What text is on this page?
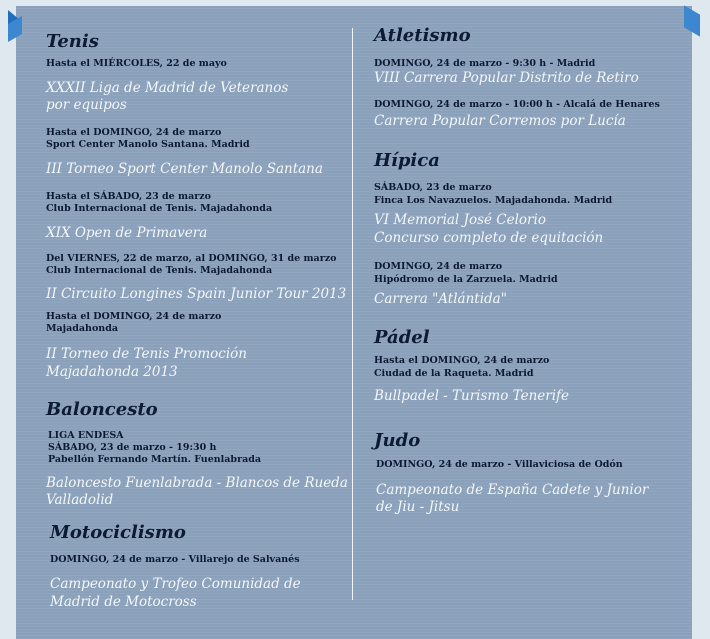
Tenis
Hasta el MIÉRCOLES, 22 de mayo
XXXII Liga de Madrid de Veteranos
por equipos
Hasta el DOMINGO, 24 de marzo
Sport Center Manolo Santana. Madrid
III Torneo Sport Center Manolo Santana
Hasta el SÁBADO, 23 de marzo
Club Internacional de Tenis. Majadahonda
XIX Open de Primavera
Del VIERNES, 22 de marzo, al DOMINGO, 31 de marzo
Club Internacional de Tenis. Majadahonda
II Circuito Longines Spain Junior Tour 2013
Hasta el DOMINGO, 24 de marzo
Majadahonda
II Torneo de Tenis Promoción
Majadahonda 2013
Baloncesto
LIGA ENDESA
SÁBADO, 23 de marzo - 19:30 h
Pabellón Fernando Martín. Fuenlabrada
Baloncesto Fuenlabrada - Blancos de Rueda
Valladolid
Motociclismo
DOMINGO, 24 de marzo - Villarejo de Salvanés
Campeonato y Trofeo Comunidad de
Madrid de Motocross
Atletismo
DOMINGO, 24 de marzo - 9:30 h - Madrid
VIII Carrera Popular Distrito de Retiro
DOMINGO, 24 de marzo - 10:00 h - Alcalá de Henares
Carrera Popular Corremos por Lucía
Hípica
SÁBADO, 23 de marzo
Finca Los Navazuelos. Majadahonda. Madrid
VI Memorial José Celorio
Concurso completo de equitación
DOMINGO, 24 de marzo
Hipódromo de la Zarzuela. Madrid
Carrera "Atlántida"
Pádel
Hasta el DOMINGO, 24 de marzo
Ciudad de la Raqueta. Madrid
Bullpadel - Turismo Tenerife
Judo
DOMINGO, 24 de marzo - Villaviciosa de Odón
Campeonato de España Cadete y Junior
de Jiu - Jitsu
